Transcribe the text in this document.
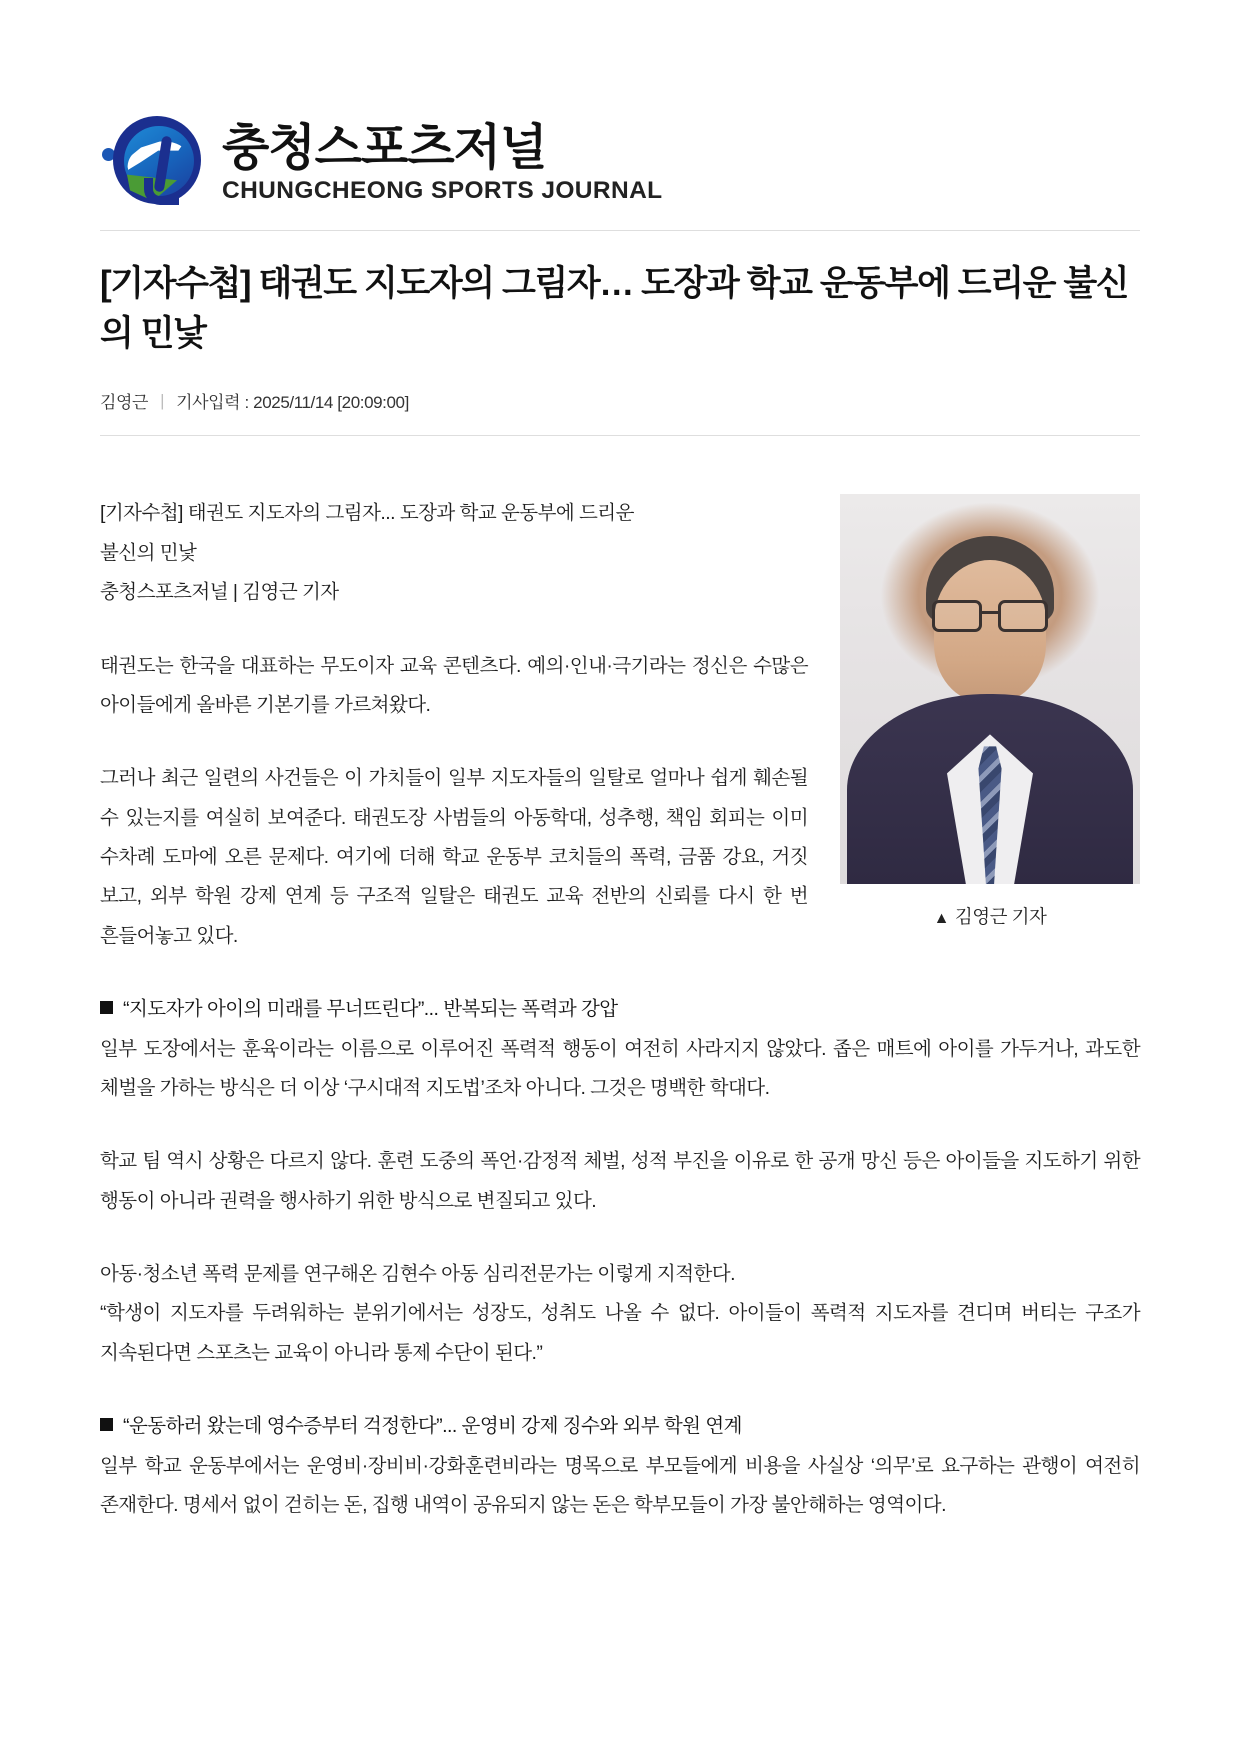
충청스포츠저널
CHUNGCHEONG SPORTS JOURNAL
[기자수첩] 태권도 지도자의 그림자… 도장과 학교 운동부에 드리운 불신의 민낯
김영근 | 기사입력 : 2025/11/14 [20:09:00]
▲ 김영근 기자

[기자수첩] 태권도 지도자의 그림자... 도장과 학교 운동부에 드리운

불신의 민낯

충청스포츠저널 | 김영근 기자

태권도는 한국을 대표하는 무도이자 교육 콘텐츠다. 예의·인내·극기라는 정신은 수많은 아이들에게 올바른 기본기를 가르쳐왔다.

그러나 최근 일련의 사건들은 이 가치들이 일부 지도자들의 일탈로 얼마나 쉽게 훼손될 수 있는지를 여실히 보여준다. 태권도장 사범들의 아동학대, 성추행, 책임 회피는 이미 수차례 도마에 오른 문제다. 여기에 더해 학교 운동부 코치들의 폭력, 금품 강요, 거짓 보고, 외부 학원 강제 연계 등 구조적 일탈은 태권도 교육 전반의 신뢰를 다시 한 번 흔들어놓고 있다.

“지도자가 아이의 미래를 무너뜨린다”... 반복되는 폭력과 강압

일부 도장에서는 훈육이라는 이름으로 이루어진 폭력적 행동이 여전히 사라지지 않았다. 좁은 매트에 아이를 가두거나, 과도한 체벌을 가하는 방식은 더 이상 ‘구시대적 지도법’조차 아니다. 그것은 명백한 학대다.

학교 팀 역시 상황은 다르지 않다. 훈련 도중의 폭언·감정적 체벌, 성적 부진을 이유로 한 공개 망신 등은 아이들을 지도하기 위한 행동이 아니라 권력을 행사하기 위한 방식으로 변질되고 있다.

아동·청소년 폭력 문제를 연구해온 김현수 아동 심리전문가는 이렇게 지적한다.

“학생이 지도자를 두려워하는 분위기에서는 성장도, 성취도 나올 수 없다. 아이들이 폭력적 지도자를 견디며 버티는 구조가 지속된다면 스포츠는 교육이 아니라 통제 수단이 된다.”

“운동하러 왔는데 영수증부터 걱정한다”... 운영비 강제 징수와 외부 학원 연계

일부 학교 운동부에서는 운영비·장비비·강화훈련비라는 명목으로 부모들에게 비용을 사실상 ‘의무’로 요구하는 관행이 여전히 존재한다. 명세서 없이 걷히는 돈, 집행 내역이 공유되지 않는 돈은 학부모들이 가장 불안해하는 영역이다.
